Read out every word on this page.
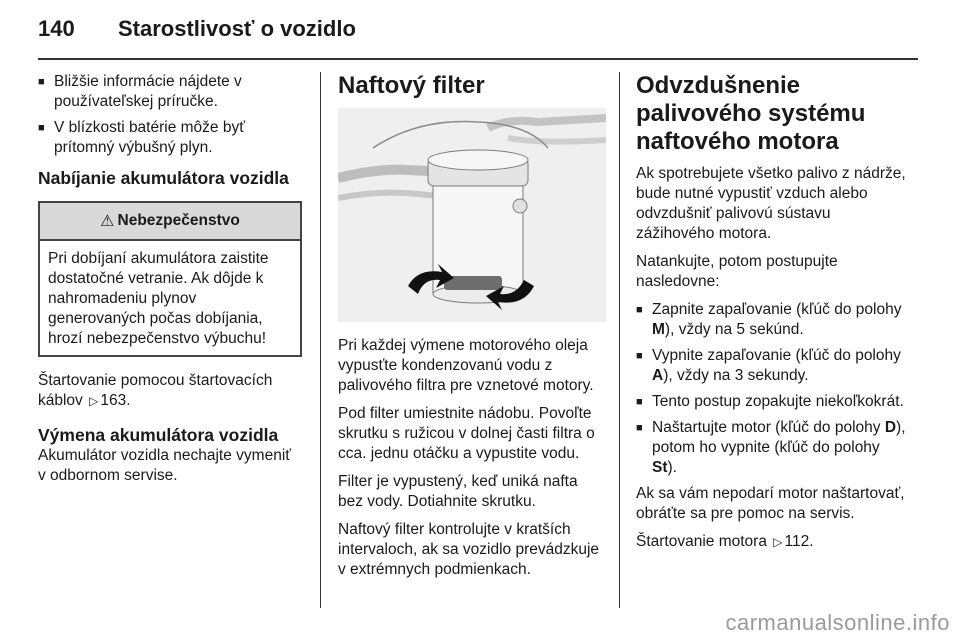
140 Starostlivosť o vozidlo
■ Bližšie informácie nájdete v používateľskej príručke.
■ V blízkosti batérie môže byť prítomný výbušný plyn.
Nabíjanie akumulátora vozidla
⚠ Nebezpečenstvo

Pri dobíjaní akumulátora zaistite dostatočné vetranie. Ak dôjde k nahromadeniu plynov generovaných počas dobíjania, hrozí nebezpečenstvo výbuchu!

Štartovanie pomocou štartovacích káblov ▷ 163.

Výmena akumulátora vozidla

Akumulátor vozidla nechajte vymeniť v odbornom servise.

Naftový filter

Pri každej výmene motorového oleja vypusťte kondenzovanú vodu z palivového filtra pre vznetové motory.

Pod filter umiestnite nádobu. Povoľte skrutku s ružicou v dolnej časti filtra o cca. jednu otáčku a vypustite vodu.

Filter je vypustený, keď uniká nafta bez vody. Dotiahnite skrutku.

Naftový filter kontrolujte v kratších intervaloch, ak sa vozidlo prevádzkuje v extrémnych podmienkach.

Odvzdušnenie palivového systému naftového motora

Ak spotrebujete všetko palivo z nádrže, bude nutné vypustiť vzduch alebo odvzdušniť palivovú sústavu zážihového motora.

Natankujte, potom postupujte nasledovne:

■ Zapnite zapaľovanie (kľúč do polohy M), vždy na 5 sekúnd.
■ Vypnite zapaľovanie (kľúč do polohy A), vždy na 3 sekundy.
■ Tento postup zopakujte niekoľkokrát.
■ Naštartujte motor (kľúč do polohy D), potom ho vypnite (kľúč do polohy St).

Ak sa vám nepodarí motor naštartovať, obráťte sa pre pomoc na servis.

Štartovanie motora ▷ 112.

carmanualsonline.info
